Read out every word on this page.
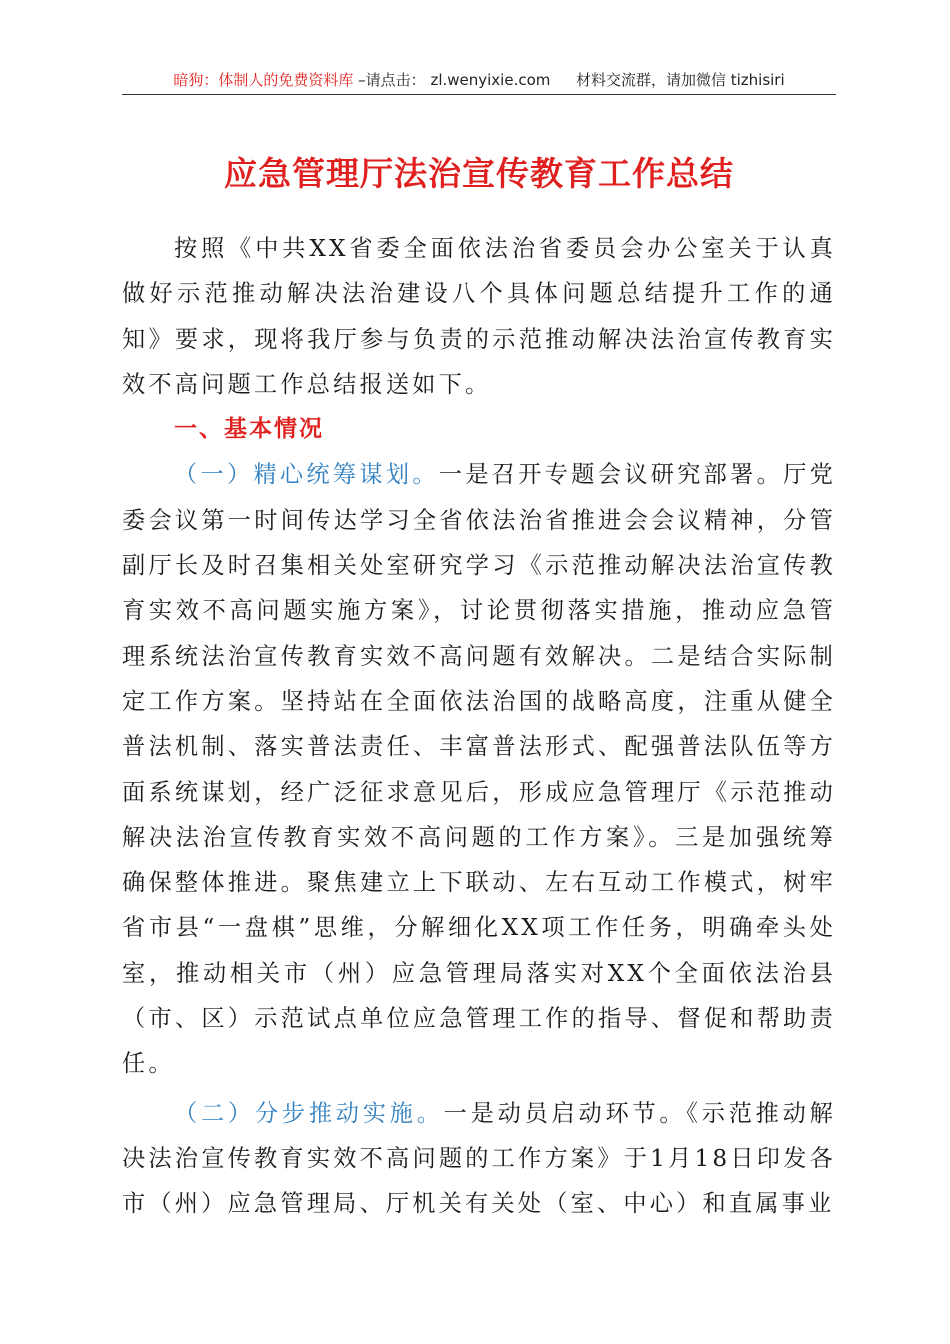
暗狗：体制人的免费资料库 –请点击： zl.wenyixie.com 材料交流群，请加微信 tizhisiri
应急管理厅法治宣传教育工作总结

按照《中共XX省委全面依法治省委员会办公室关于认真做好示范推动解决法治建设八个具体问题总结提升工作的通知》要求，现将我厅参与负责的示范推动解决法治宣传教育实效不高问题工作总结报送如下。

一、基本情况

（一）精心统筹谋划。一是召开专题会议研究部署。厅党委会议第一时间传达学习全省依法治省推进会会议精神，分管副厅长及时召集相关处室研究学习《示范推动解决法治宣传教育实效不高问题实施方案》，讨论贯彻落实措施，推动应急管理系统法治宣传教育实效不高问题有效解决。二是结合实际制定工作方案。坚持站在全面依法治国的战略高度，注重从健全普法机制、落实普法责任、丰富普法形式、配强普法队伍等方面系统谋划，经广泛征求意见后，形成应急管理厅《示范推动解决法治宣传教育实效不高问题的工作方案》。三是加强统筹确保整体推进。聚焦建立上下联动、左右互动工作模式，树牢省市县“一盘棋”思维，分解细化XX项工作任务，明确牵头处室，推动相关市（州）应急管理局落实对XX个全面依法治县（市、区）示范试点单位应急管理工作的指导、督促和帮助责任。

（二）分步推动实施。一是动员启动环节。《示范推动解决法治宣传教育实效不高问题的工作方案》于1月18日印发各市（州）应急管理局、厅机关有关处（室、中心）和直属事业
